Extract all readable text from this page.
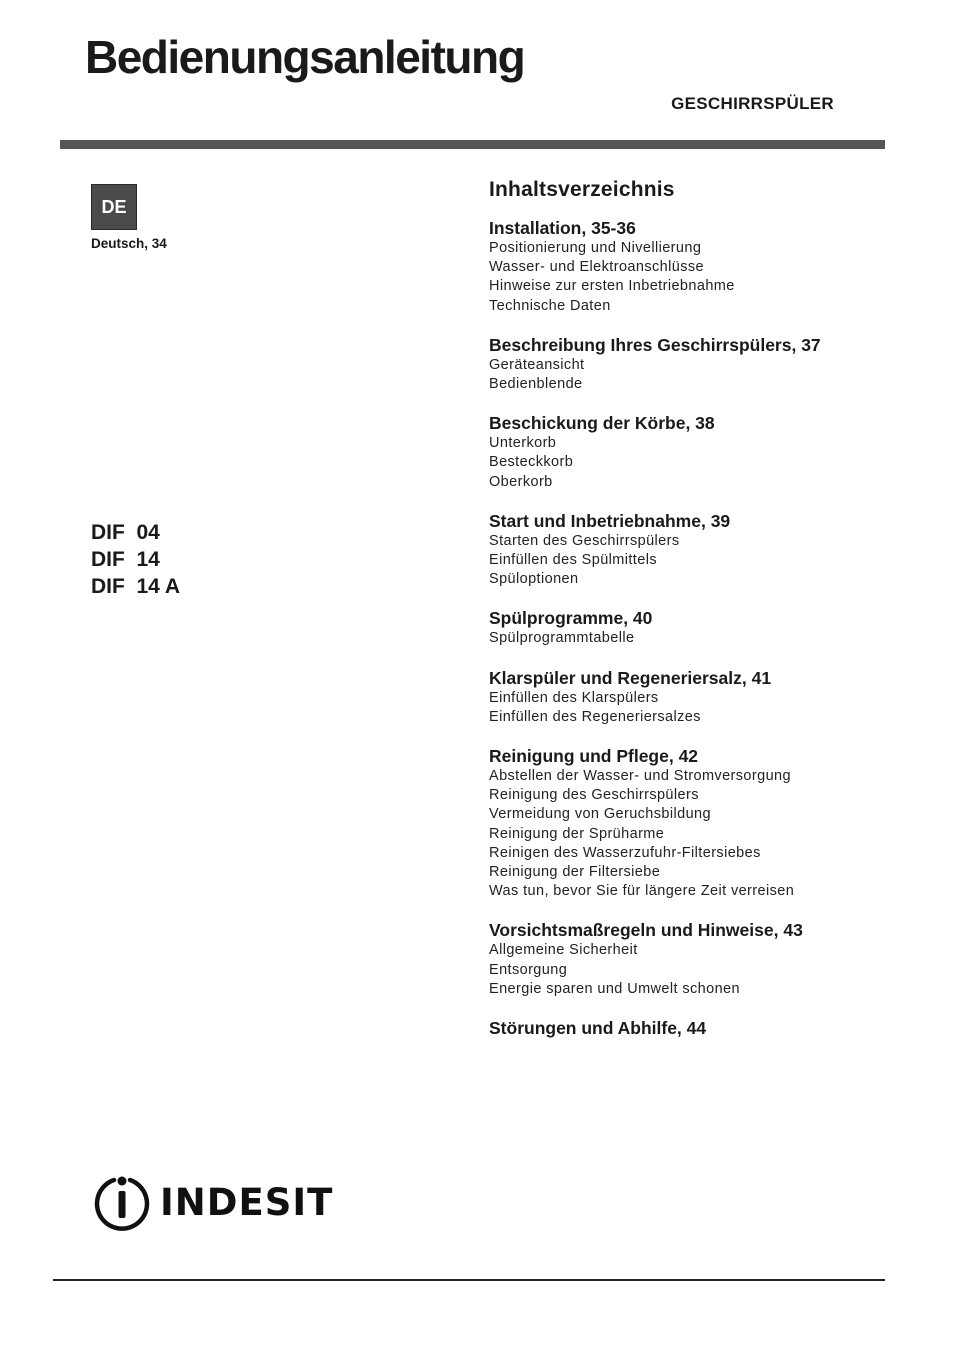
Bedienungsanleitung
GESCHIRRSPÜLER
DE
Deutsch, 34
DIF  04
DIF  14
DIF  14 A
Inhaltsverzeichnis
Installation, 35-36
Positionierung und Nivellierung
Wasser- und Elektroanschlüsse
Hinweise zur ersten Inbetriebnahme
Technische Daten
Beschreibung Ihres Geschirrspülers, 37
Geräteansicht
Bedienblende
Beschickung der Körbe, 38
Unterkorb
Besteckkorb
Oberkorb
Start und Inbetriebnahme, 39
Starten des Geschirrspülers
Einfüllen des Spülmittels
Spüloptionen
Spülprogramme, 40
Spülprogrammtabelle
Klarspüler und Regeneriersalz, 41
Einfüllen des Klarspülers
Einfüllen des Regeneriersalzes
Reinigung und Pflege, 42
Abstellen der Wasser- und Stromversorgung
Reinigung des Geschirrspülers
Vermeidung von Geruchsbildung
Reinigung der Sprüharme
Reinigen des Wasserzufuhr-Filtersiebes
Reinigung der Filtersiebe
Was tun, bevor Sie für längere Zeit verreisen
Vorsichtsmaßregeln und Hinweise, 43
Allgemeine Sicherheit
Entsorgung
Energie sparen und Umwelt schonen
Störungen und Abhilfe, 44
INDESIT
